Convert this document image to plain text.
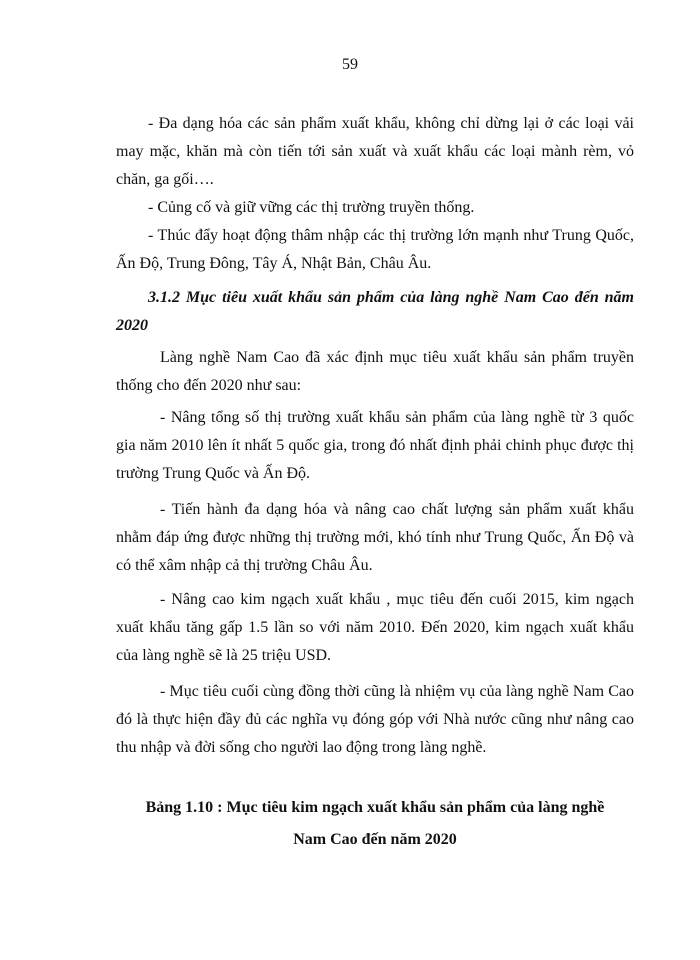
59

- Đa dạng hóa các sản phẩm xuất khẩu, không chỉ dừng lại ở các loại vải may mặc, khăn mà còn tiến tới sản xuất và xuất khẩu các loại mành rèm, vỏ chăn, ga gối….

- Củng cố và giữ vững các thị trường truyền thống.

- Thúc đẩy hoạt động thâm nhập các thị trường lớn mạnh như Trung Quốc, Ấn Độ, Trung Đông, Tây Á, Nhật Bản, Châu Âu.

3.1.2 Mục tiêu xuất khẩu sản phẩm của làng nghề Nam Cao đến năm 2020

Làng nghề Nam Cao đã xác định mục tiêu xuất khẩu sản phẩm truyền thống cho đến 2020 như sau:

- Nâng tổng số thị trường xuất khẩu sản phẩm của làng nghề từ 3 quốc gia năm 2010 lên ít nhất 5 quốc gia, trong đó nhất định phải chinh phục được thị trường Trung Quốc và Ấn Độ.

- Tiến hành đa dạng hóa và nâng cao chất lượng sản phẩm xuất khẩu nhằm đáp ứng được những thị trường mới, khó tính như Trung Quốc, Ấn Độ và có thể xâm nhập cả thị trường Châu Âu.

- Nâng cao kim ngạch xuất khẩu , mục tiêu đến cuối 2015, kim ngạch xuất khẩu tăng gấp 1.5 lần so với năm 2010. Đến 2020, kim ngạch xuất khẩu của làng nghề sẽ là 25 triệu USD.

- Mục tiêu cuối cùng đồng thời cũng là nhiệm vụ của làng nghề Nam Cao đó là thực hiện đầy đủ các nghĩa vụ đóng góp với Nhà nước cũng như nâng cao thu nhập và đời sống cho người lao động trong làng nghề.

Bảng 1.10 : Mục tiêu kim ngạch xuất khẩu sản phẩm của làng nghề
Nam Cao đến năm 2020
